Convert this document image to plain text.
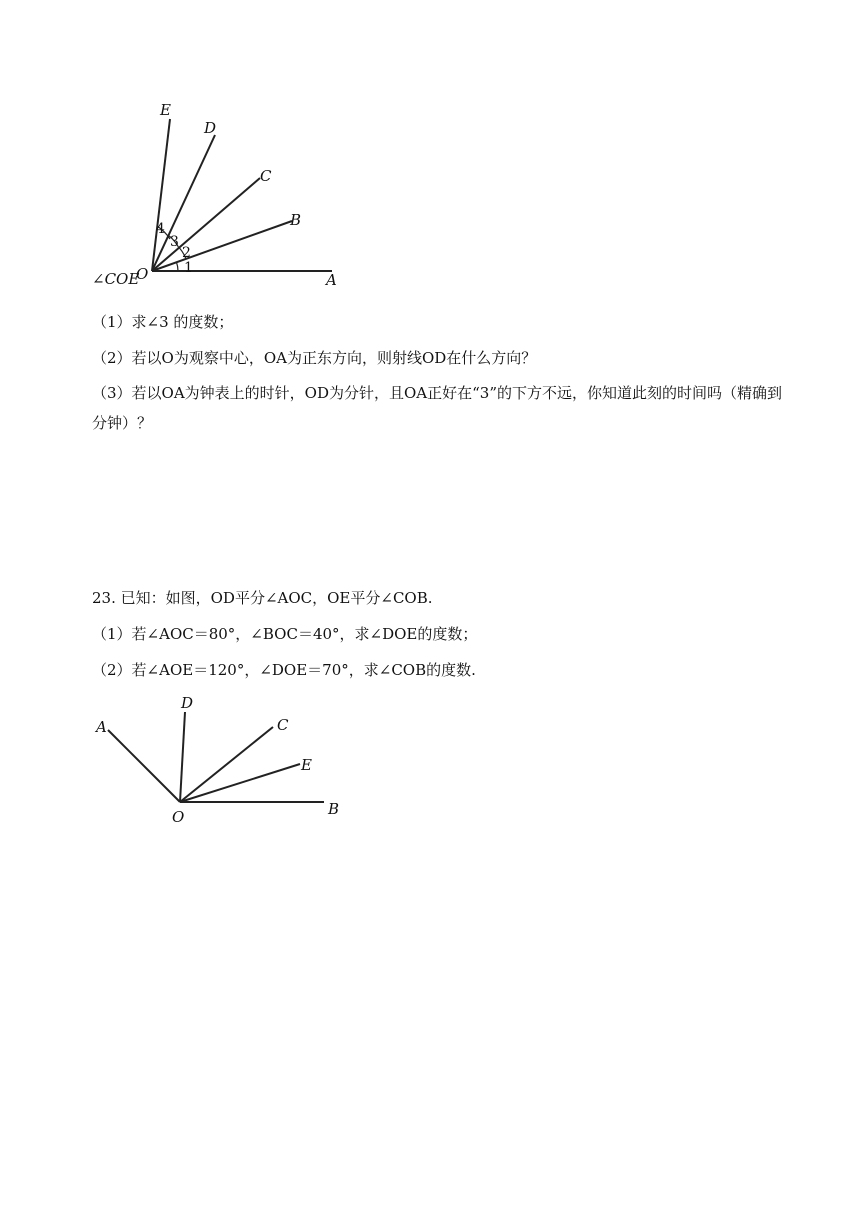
E
D
C
B
A
O	1
2
3
4
∠COE
（1）求∠3 的度数；
（2）若以O为观察中心，OA为正东方向，则射线OD在什么方向？
（3）若以OA为钟表上的时针，OD为分针，且OA正好在“3”的下方不远，你知道此刻的时间吗（精确到分钟）？
23. 已知：如图，OD平分∠AOC，OE平分∠COB.
（1）若∠AOC＝80°，∠BOC＝40°，求∠DOE的度数；
（2）若∠AOE＝120°，∠DOE＝70°，求∠COB的度数.
A
D
C
E
B
O
